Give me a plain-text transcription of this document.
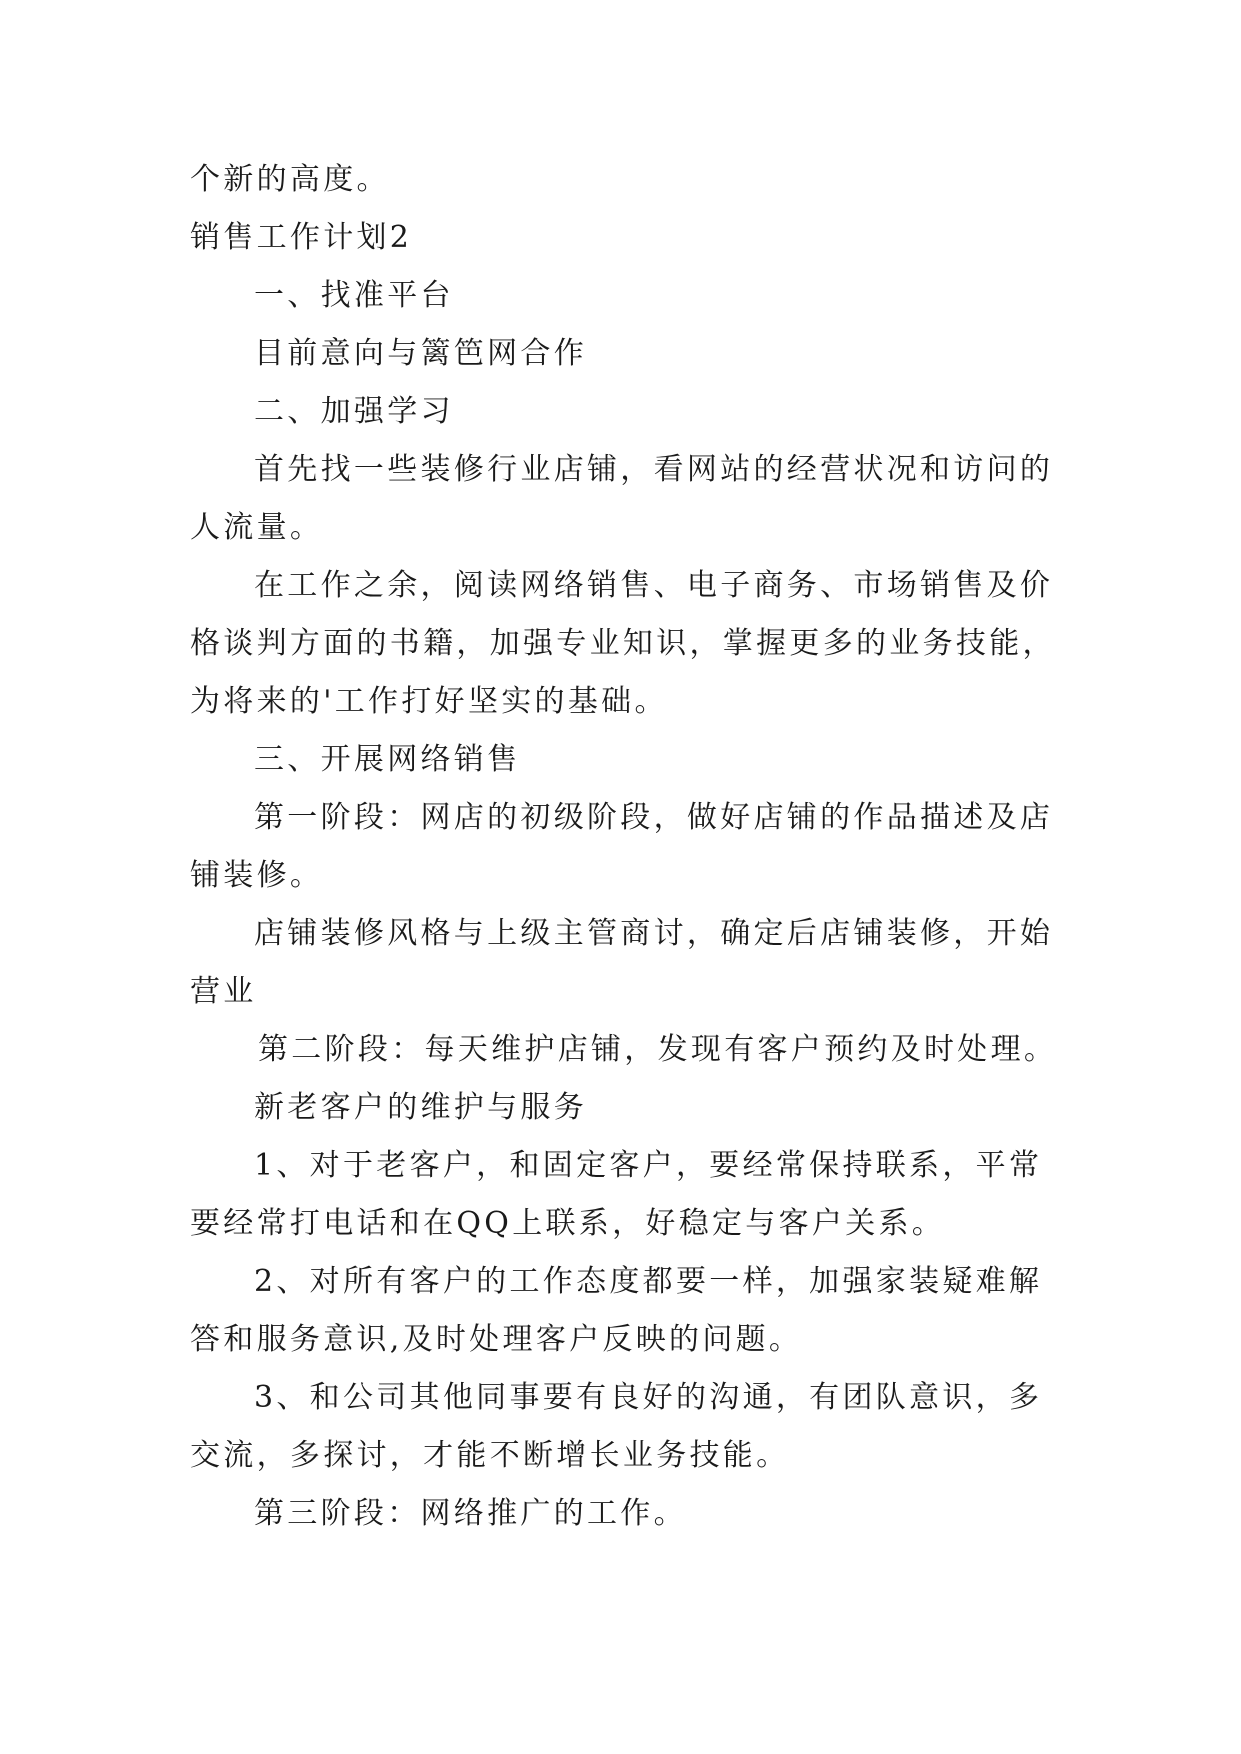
个新的高度。
销售工作计划2
一、找准平台
目前意向与篱笆网合作
二、加强学习
首先找一些装修行业店铺，看网站的经营状况和访问的
人流量。
在工作之余，阅读网络销售、电子商务、市场销售及价
格谈判方面的书籍，加强专业知识，掌握更多的业务技能，
为将来的'工作打好坚实的基础。
三、开展网络销售
第一阶段：网店的初级阶段，做好店铺的作品描述及店
铺装修。
店铺装修风格与上级主管商讨，确定后店铺装修，开始
营业
第二阶段：每天维护店铺，发现有客户预约及时处理。
新老客户的维护与服务
1、对于老客户，和固定客户，要经常保持联系，平常
要经常打电话和在QQ上联系，好稳定与客户关系。
2、对所有客户的工作态度都要一样，加强家装疑难解
答和服务意识,及时处理客户反映的问题。
3、和公司其他同事要有良好的沟通，有团队意识，多
交流，多探讨，才能不断增长业务技能。
第三阶段：网络推广的工作。
